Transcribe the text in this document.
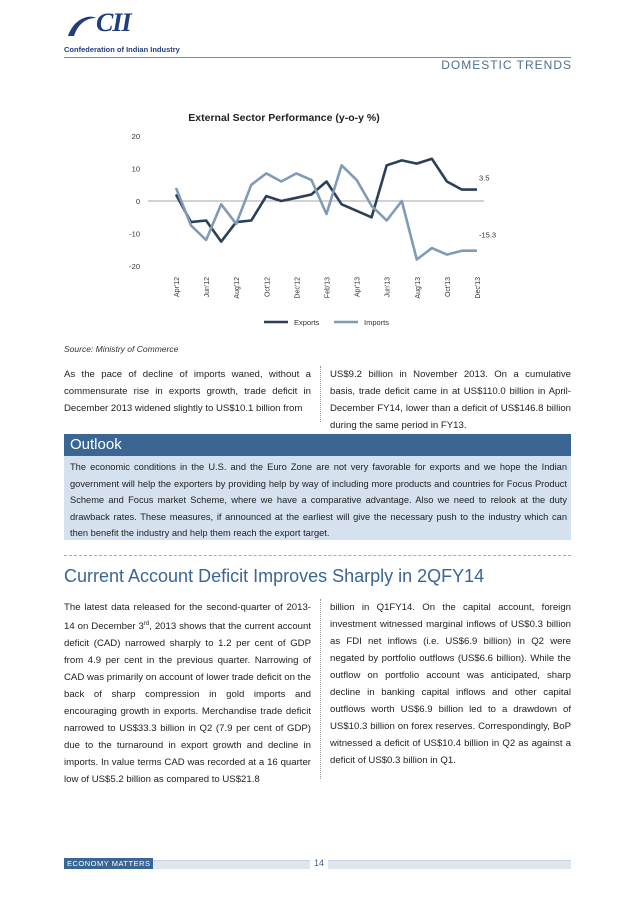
CII
Confederation of Indian Industry
DOMESTIC TRENDS
External Sector Performance (y-o-y %)
20
10
0
-10
-20
Apr'12	Jun'12	Aug'12	Oct'12	Dec'12	Feb'13	Apr'13	Jun'13	Aug'13	Oct'13	Dec'13
3.5
-15.3
Exports	Imports
Source: Ministry of Commerce
As the pace of decline of imports waned, without a commensurate rise in exports growth, trade deficit in December 2013 widened slightly to US$10.1 billion from
US$9.2 billion in November 2013. On a cumulative basis, trade deficit came in at US$110.0 billion in April-December FY14, lower than a deficit of US$146.8 billion during the same period in FY13.
Outlook
The economic conditions in the U.S. and the Euro Zone are not very favorable for exports and we hope the Indian government will help the exporters by providing help by way of including more products and countries for Focus Product Scheme and Focus market Scheme, where we have a comparative advantage. Also we need to relook at the duty drawback rates. These measures, if announced at the earliest will give the necessary push to the industry which can then benefit the industry and help them reach the export target.
Current Account Deficit Improves Sharply in 2QFY14
The latest data released for the second-quarter of 2013-14 on December 3rd, 2013 shows that the current account deficit (CAD) narrowed sharply to 1.2 per cent of GDP from 4.9 per cent in the previous quarter. Narrowing of CAD was primarily on account of lower trade deficit on the back of sharp compression in gold imports and encouraging growth in exports. Merchandise trade deficit narrowed to US$33.3 billion in Q2 (7.9 per cent of GDP) due to the turnaround in export growth and decline in imports. In value terms CAD was recorded at a 16 quarter low of US$5.2 billion as compared to US$21.8
billion in Q1FY14. On the capital account, foreign investment witnessed marginal inflows of US$0.3 billion as FDI net inflows (i.e. US$6.9 billion) in Q2 were negated by portfolio outflows (US$6.6 billion). While the outflow on portfolio account was anticipated, sharp decline in banking capital inflows and other capital outflows worth US$6.9 billion led to a drawdown of US$10.3 billion on forex reserves. Correspondingly, BoP witnessed a deficit of US$10.4 billion in Q2 as against a deficit of US$0.3 billion in Q1.
ECONOMY MATTERS	14
